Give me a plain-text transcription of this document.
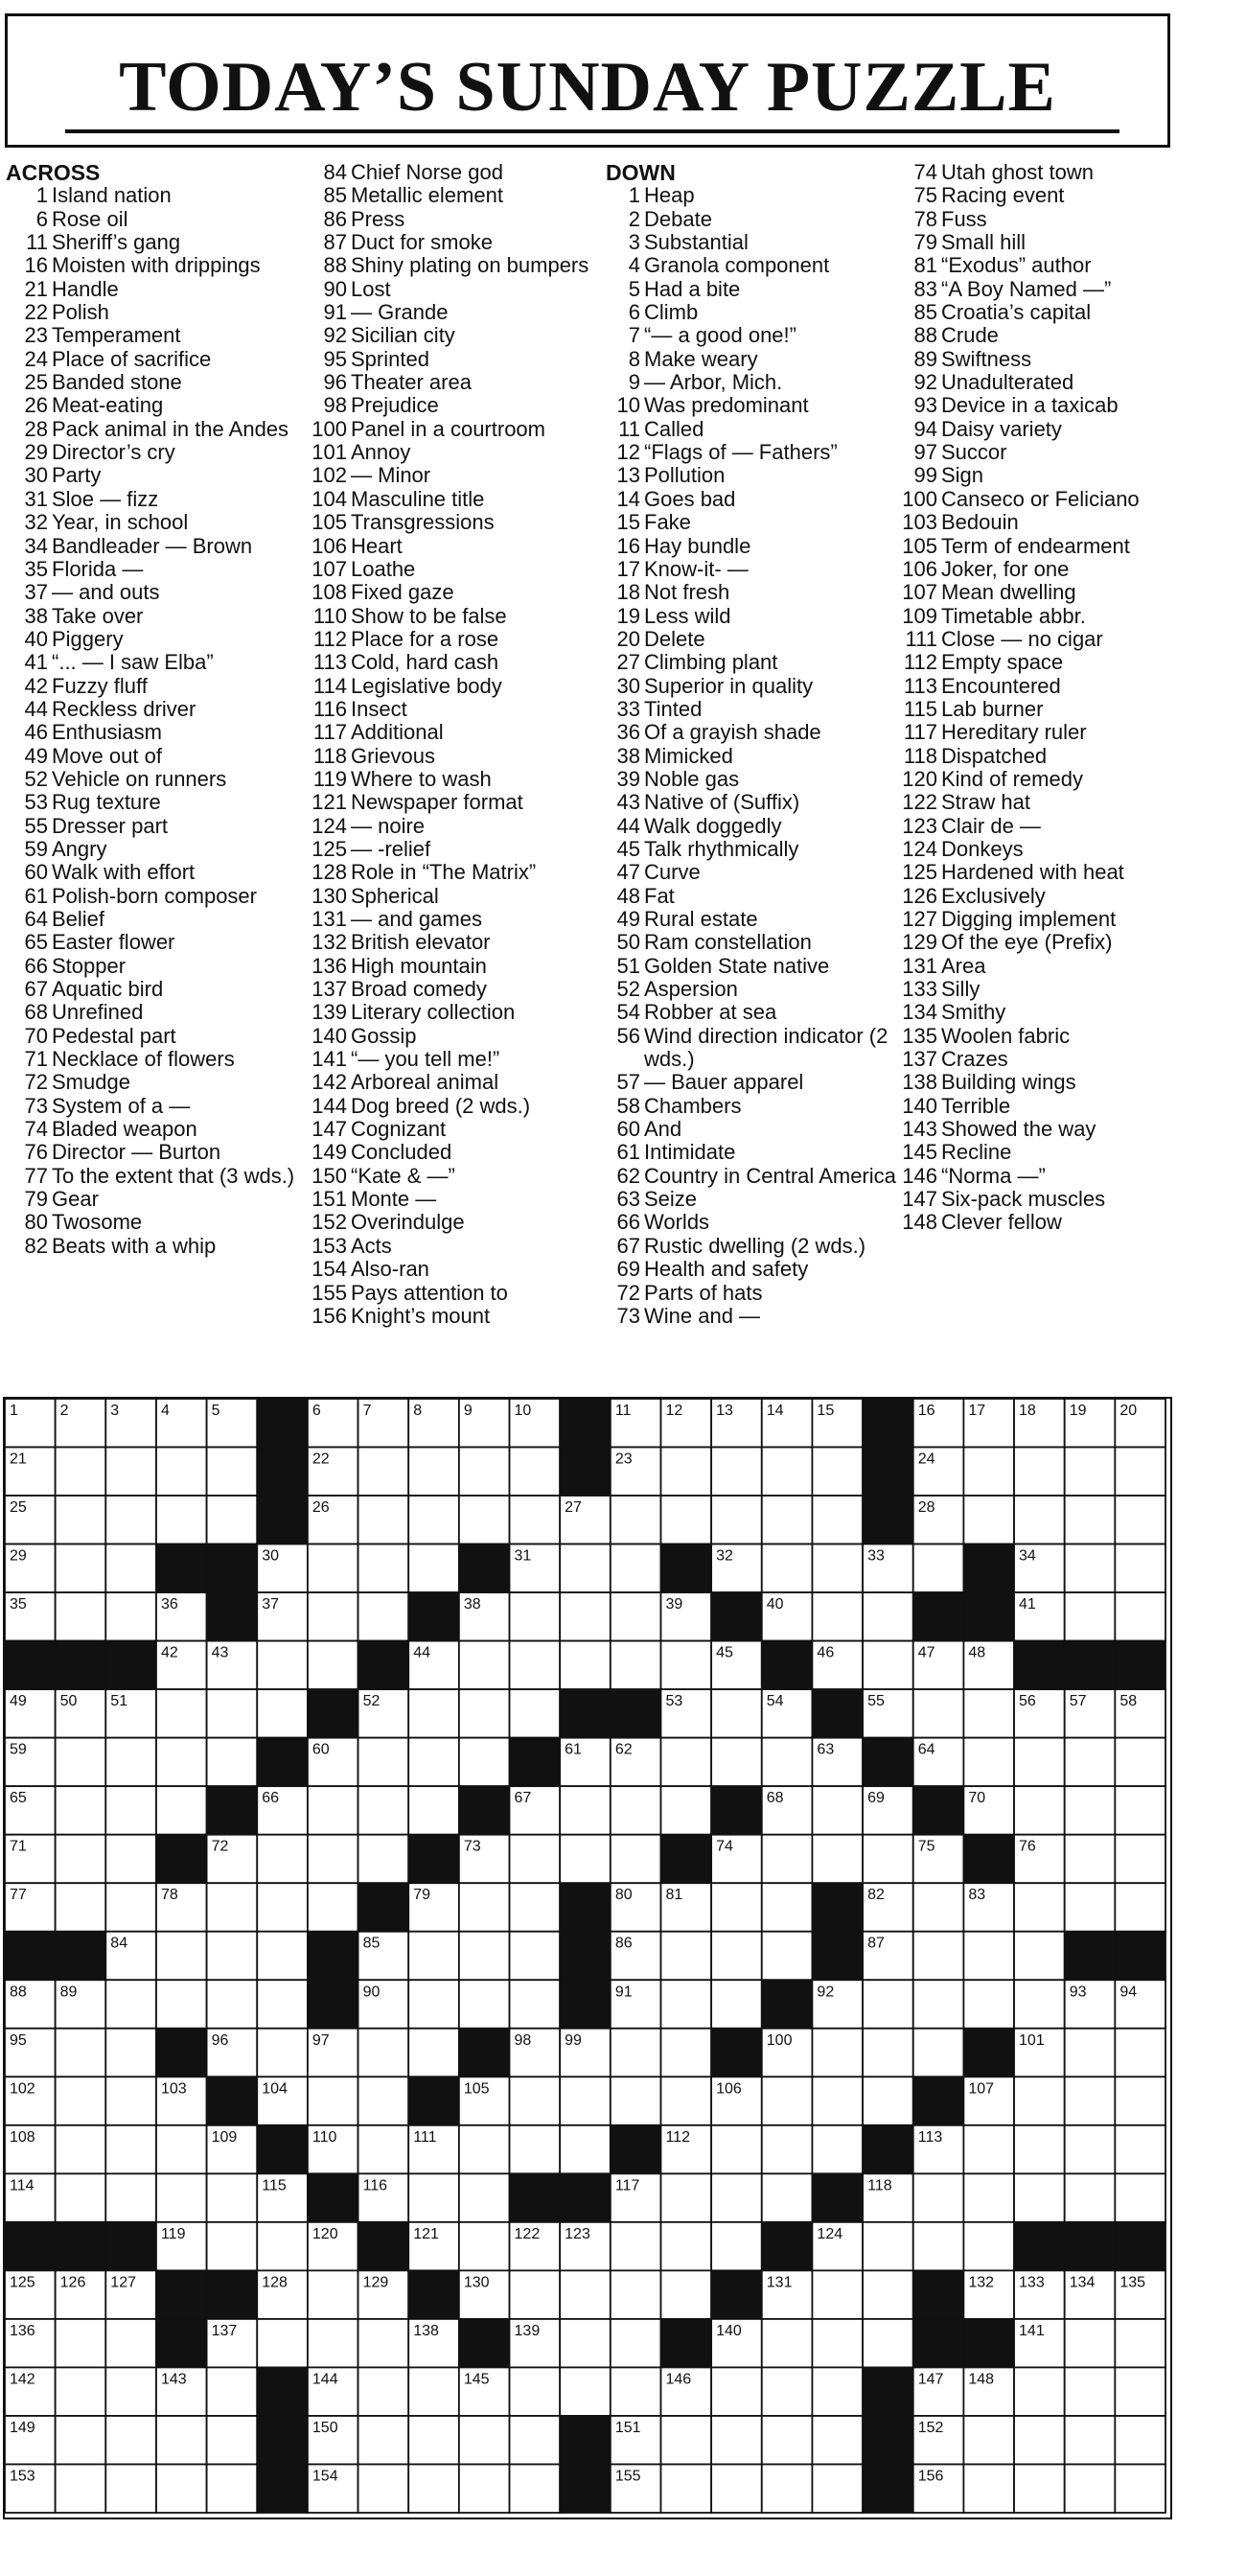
TODAY’S SUNDAY PUZZLE
ACROSS
1 Island nation
6 Rose oil
11 Sheriff’s gang
16 Moisten with drippings
21 Handle
22 Polish
23 Temperament
24 Place of sacrifice
25 Banded stone
26 Meat-eating
28 Pack animal in the Andes
29 Director’s cry
30 Party
31 Sloe — fizz
32 Year, in school
34 Bandleader — Brown
35 Florida —
37 — and outs
38 Take over
40 Piggery
41 “... — I saw Elba”
42 Fuzzy fluff
44 Reckless driver
46 Enthusiasm
49 Move out of
52 Vehicle on runners
53 Rug texture
55 Dresser part
59 Angry
60 Walk with effort
61 Polish-born composer
64 Belief
65 Easter flower
66 Stopper
67 Aquatic bird
68 Unrefined
70 Pedestal part
71 Necklace of flowers
72 Smudge
73 System of a —
74 Bladed weapon
76 Director — Burton
77 To the extent that (3 wds.)
79 Gear
80 Twosome
82 Beats with a whip
84 Chief Norse god
85 Metallic element
86 Press
87 Duct for smoke
88 Shiny plating on bumpers
90 Lost
91 — Grande
92 Sicilian city
95 Sprinted
96 Theater area
98 Prejudice
100 Panel in a courtroom
101 Annoy
102 — Minor
104 Masculine title
105 Transgressions
106 Heart
107 Loathe
108 Fixed gaze
110 Show to be false
112 Place for a rose
113 Cold, hard cash
114 Legislative body
116 Insect
117 Additional
118 Grievous
119 Where to wash
121 Newspaper format
124 — noire
125 — -relief
128 Role in “The Matrix”
130 Spherical
131 — and games
132 British elevator
136 High mountain
137 Broad comedy
139 Literary collection
140 Gossip
141 “— you tell me!”
142 Arboreal animal
144 Dog breed (2 wds.)
147 Cognizant
149 Concluded
150 “Kate & —”
151 Monte —
152 Overindulge
153 Acts
154 Also-ran
155 Pays attention to
156 Knight’s mount
DOWN
1 Heap
2 Debate
3 Substantial
4 Granola component
5 Had a bite
6 Climb
7 “— a good one!”
8 Make weary
9 — Arbor, Mich.
10 Was predominant
11 Called
12 “Flags of — Fathers”
13 Pollution
14 Goes bad
15 Fake
16 Hay bundle
17 Know-it- —
18 Not fresh
19 Less wild
20 Delete
27 Climbing plant
30 Superior in quality
33 Tinted
36 Of a grayish shade
38 Mimicked
39 Noble gas
43 Native of (Suffix)
44 Walk doggedly
45 Talk rhythmically
47 Curve
48 Fat
49 Rural estate
50 Ram constellation
51 Golden State native
52 Aspersion
54 Robber at sea
56 Wind direction indicator (2 wds.)
57 — Bauer apparel
58 Chambers
60 And
61 Intimidate
62 Country in Central America
63 Seize
66 Worlds
67 Rustic dwelling (2 wds.)
69 Health and safety
72 Parts of hats
73 Wine and —
74 Utah ghost town
75 Racing event
78 Fuss
79 Small hill
81 “Exodus” author
83 “A Boy Named —”
85 Croatia’s capital
88 Crude
89 Swiftness
92 Unadulterated
93 Device in a taxicab
94 Daisy variety
97 Succor
99 Sign
100 Canseco or Feliciano
103 Bedouin
105 Term of endearment
106 Joker, for one
107 Mean dwelling
109 Timetable abbr.
111 Close — no cigar
112 Empty space
113 Encountered
115 Lab burner
117 Hereditary ruler
118 Dispatched
120 Kind of remedy
122 Straw hat
123 Clair de —
124 Donkeys
125 Hardened with heat
126 Exclusively
127 Digging implement
129 Of the eye (Prefix)
131 Area
133 Silly
134 Smithy
135 Woolen fabric
137 Crazes
138 Building wings
140 Terrible
143 Showed the way
145 Recline
146 “Norma —”
147 Six-pack muscles
148 Clever fellow
1	2	3	4	5	6	7	8	9	10	11 12 13 14 15	16 17 18 19 20
21	22	23	24
25	26	27	28
29	30	31	32	33	34
35	36	37	38	39	40	41
42 43	44	45	46	47 48
49 50 51	52	53	54	55	56 57 58
59	60	61 62	63	64
65	66	67	68	69	70
71	72	73	74	75	76
77	78	79	80 81	82	83
84	85	86	87
88 89	90	91	92	93 94
95	96	97	98 99	100	101
102	103	104	105	106	107
108	109	110	111	112	113
114	115	116	117	118
119	120	121	122 123	124
125 126 127	128	129	130	131	132 133 134 135
136	137	138	139	140	141
142	143	144	145	146	147 148
149	150	151	152
153	154	155	156
